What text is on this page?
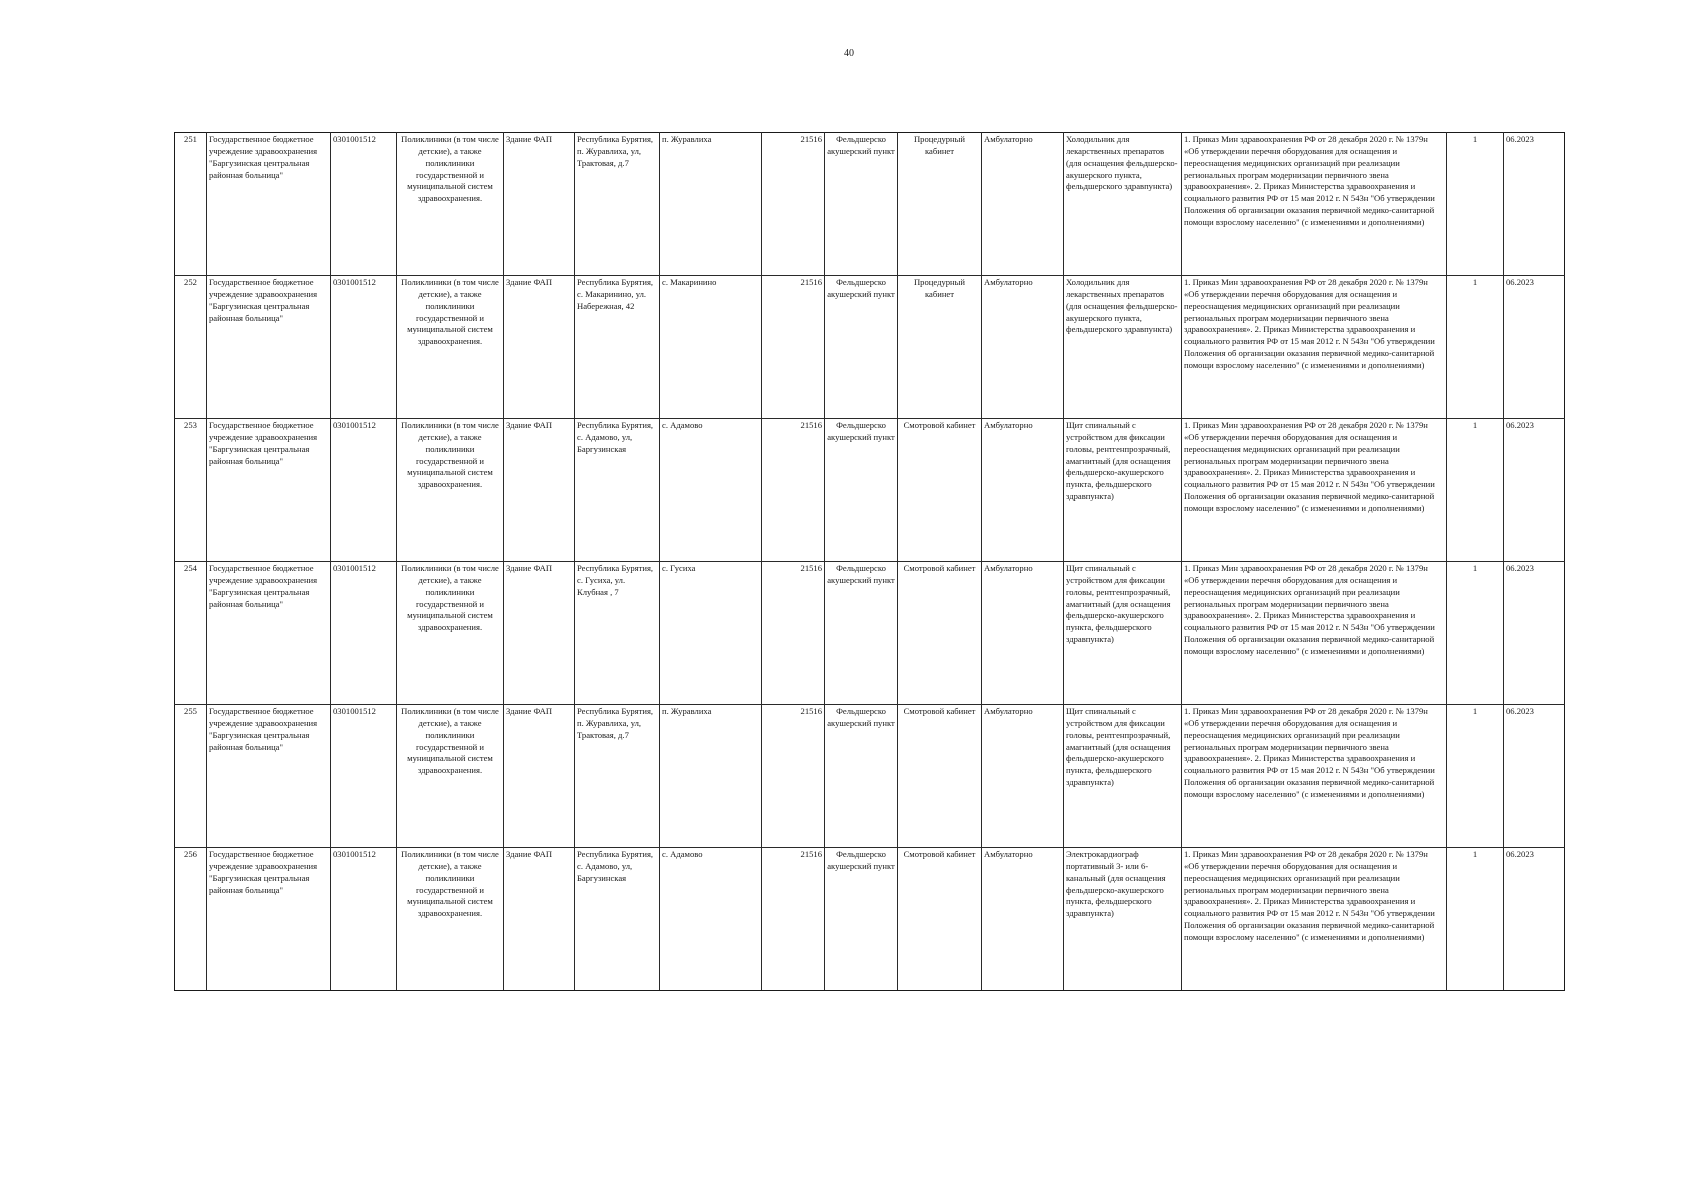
40
251	Государственное бюджетное учреждение здравоохранения "Баргузинская центральная районная больница"	0301001512	Поликлиники (в том числе детские), а также поликлиники государственной и муниципальной систем здравоохранения.	Здание ФАП	Республика Бурятия, п. Журавлиха, ул, Трактовая, д.7	п. Журавлиха	21516	Фельдшерско акушерский пункт	Процедурный кабинет	Амбулаторно	Холодильник для лекарственных препаратов (для оснащения фельдшерско-акушерского пункта, фельдшерского здравпункта)	1. Приказ Мин здравоохранения РФ от 28 декабря 2020 г. № 1379н «Об утверждении перечня оборудования для оснащения и переоснащения медицинских организаций при реализации региональных програм модернизации первичного звена здравоохранения». 2. Приказ Министерства здравоохранения и социального развития РФ от 15 мая 2012 г. N 543н "Об утверждении Положения об организации оказания первичной медико-санитарной помощи взрослому населению" (с изменениями и дополнениями)	1	06.2023
252	Государственное бюджетное учреждение здравоохранения "Баргузинская центральная районная больница"	0301001512	Поликлиники (в том числе детские), а также поликлиники государственной и муниципальной систем здравоохранения.	Здание ФАП	Республика Бурятия, с. Макаринино, ул. Набережная, 42	с. Макаринино	21516	Фельдшерско акушерский пункт	Процедурный кабинет	Амбулаторно	Холодильник для лекарственных препаратов (для оснащения фельдшерско-акушерского пункта, фельдшерского здравпункта)	1. Приказ Мин здравоохранения РФ от 28 декабря 2020 г. № 1379н «Об утверждении перечня оборудования для оснащения и переоснащения медицинских организаций при реализации региональных програм модернизации первичного звена здравоохранения». 2. Приказ Министерства здравоохранения и социального развития РФ от 15 мая 2012 г. N 543н "Об утверждении Положения об организации оказания первичной медико-санитарной помощи взрослому населению" (с изменениями и дополнениями)	1	06.2023
253	Государственное бюджетное учреждение здравоохранения "Баргузинская центральная районная больница"	0301001512	Поликлиники (в том числе детские), а также поликлиники государственной и муниципальной систем здравоохранения.	Здание ФАП	Республика Бурятия, с. Адамово, ул, Баргузинская	с. Адамово	21516	Фельдшерско акушерский пункт	Смотровой кабинет	Амбулаторно	Щит спинальный с устройством для фиксации головы, рентгенпрозрачный, амагнитный (для оснащения фельдшерско-акушерского пункта, фельдшерского здравпункта)	1. Приказ Мин здравоохранения РФ от 28 декабря 2020 г. № 1379н «Об утверждении перечня оборудования для оснащения и переоснащения медицинских организаций при реализации региональных програм модернизации первичного звена здравоохранения». 2. Приказ Министерства здравоохранения и социального развития РФ от 15 мая 2012 г. N 543н "Об утверждении Положения об организации оказания первичной медико-санитарной помощи взрослому населению" (с изменениями и дополнениями)	1	06.2023
254	Государственное бюджетное учреждение здравоохранения "Баргузинская центральная районная больница"	0301001512	Поликлиники (в том числе детские), а также поликлиники государственной и муниципальной систем здравоохранения.	Здание ФАП	Республика Бурятия, с. Гусиха, ул. Клубная , 7	с. Гусиха	21516	Фельдшерско акушерский пункт	Смотровой кабинет	Амбулаторно	Щит спинальный с устройством для фиксации головы, рентгенпрозрачный, амагнитный (для оснащения фельдшерско-акушерского пункта, фельдшерского здравпункта)	1. Приказ Мин здравоохранения РФ от 28 декабря 2020 г. № 1379н «Об утверждении перечня оборудования для оснащения и переоснащения медицинских организаций при реализации региональных програм модернизации первичного звена здравоохранения». 2. Приказ Министерства здравоохранения и социального развития РФ от 15 мая 2012 г. N 543н "Об утверждении Положения об организации оказания первичной медико-санитарной помощи взрослому населению" (с изменениями и дополнениями)	1	06.2023
255	Государственное бюджетное учреждение здравоохранения "Баргузинская центральная районная больница"	0301001512	Поликлиники (в том числе детские), а также поликлиники государственной и муниципальной систем здравоохранения.	Здание ФАП	Республика Бурятия, п. Журавлиха, ул, Трактовая, д.7	п. Журавлиха	21516	Фельдшерско акушерский пункт	Смотровой кабинет	Амбулаторно	Щит спинальный с устройством для фиксации головы, рентгенпрозрачный, амагнитный (для оснащения фельдшерско-акушерского пункта, фельдшерского здравпункта)	1. Приказ Мин здравоохранения РФ от 28 декабря 2020 г. № 1379н «Об утверждении перечня оборудования для оснащения и переоснащения медицинских организаций при реализации региональных програм модернизации первичного звена здравоохранения». 2. Приказ Министерства здравоохранения и социального развития РФ от 15 мая 2012 г. N 543н "Об утверждении Положения об организации оказания первичной медико-санитарной помощи взрослому населению" (с изменениями и дополнениями)	1	06.2023
256	Государственное бюджетное учреждение здравоохранения "Баргузинская центральная районная больница"	0301001512	Поликлиники (в том числе детские), а также поликлиники государственной и муниципальной систем здравоохранения.	Здание ФАП	Республика Бурятия, с. Адамово, ул, Баргузинская	с. Адамово	21516	Фельдшерско акушерский пункт	Смотровой кабинет	Амбулаторно	Электрокардиограф портативный 3- или 6-канальный (для оснащения фельдшерско-акушерского пункта, фельдшерского здравпункта)	1. Приказ Мин здравоохранения РФ от 28 декабря 2020 г. № 1379н «Об утверждении перечня оборудования для оснащения и переоснащения медицинских организаций при реализации региональных програм модернизации первичного звена здравоохранения». 2. Приказ Министерства здравоохранения и социального развития РФ от 15 мая 2012 г. N 543н "Об утверждении Положения об организации оказания первичной медико-санитарной помощи взрослому населению" (с изменениями и дополнениями)	1	06.2023
